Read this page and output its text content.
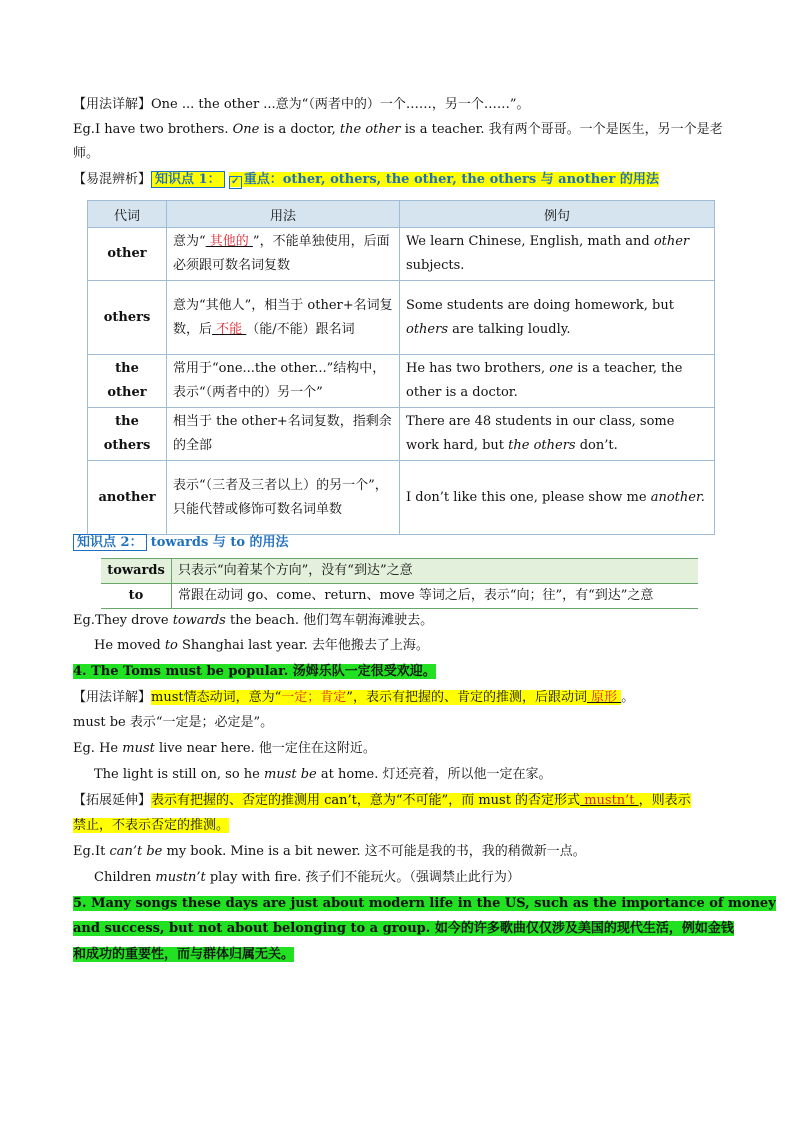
【用法详解】One ... the other ...意为“（两者中的）一个……，另一个……”。
Eg.I have two brothers. One is a doctor, the other is a teacher. 我有两个哥哥。一个是医生，另一个是老
师。
【易混辨析】 知识点 1： ✓ 重点：other, others, the other, the others 与 another 的用法
代词	用法	例句
other	意为“ 其他的 ”，不能单独使用，后面必须跟可数名词复数	We learn Chinese, English, math and other subjects.
others	意为“其他人”，相当于 other+名词复数，后 不能 （能/不能）跟名词	Some students are doing homework, but others are talking loudly.
the other	常用于“one...the other...”结构中，表示“（两者中的）另一个”	He has two brothers, one is a teacher, the other is a doctor.
the others	相当于 the other+名词复数，指剩余的全部	There are 48 students in our class, some work hard, but the others don’t.
another	表示“（三者及三者以上）的另一个”，只能代替或修饰可数名词单数	I don’t like this one, please show me another.
知识点 2： towards 与 to 的用法
towards	只表示“向着某个方向”，没有“到达”之意
to	常跟在动词 go、come、return、move 等词之后，表示“向；往”，有“到达”之意
Eg.They drove towards the beach. 他们驾车朝海滩驶去。
He moved to Shanghai last year. 去年他搬去了上海。
4. The Toms must be popular. 汤姆乐队一定很受欢迎。
【用法详解】must情态动词，意为“一定；肯定”，表示有把握的、肯定的推测，后跟动词 原形 。
must be 表示“一定是；必定是”。
Eg. He must live near here. 他一定住在这附近。
The light is still on, so he must be at home. 灯还亮着，所以他一定在家。
【拓展延伸】表示有把握的、否定的推测用 can’t，意为“不可能”，而 must 的否定形式 mustn’t ，则表示
禁止，不表示否定的推测。
Eg.It can’t be my book. Mine is a bit newer. 这不可能是我的书，我的稍微新一点。
Children mustn’t play with fire. 孩子们不能玩火。（强调禁止此行为）
5. Many songs these days are just about modern life in the US, such as the importance of money
and success, but not about belonging to a group. 如今的许多歌曲仅仅涉及美国的现代生活，例如金钱
和成功的重要性，而与群体归属无关。
